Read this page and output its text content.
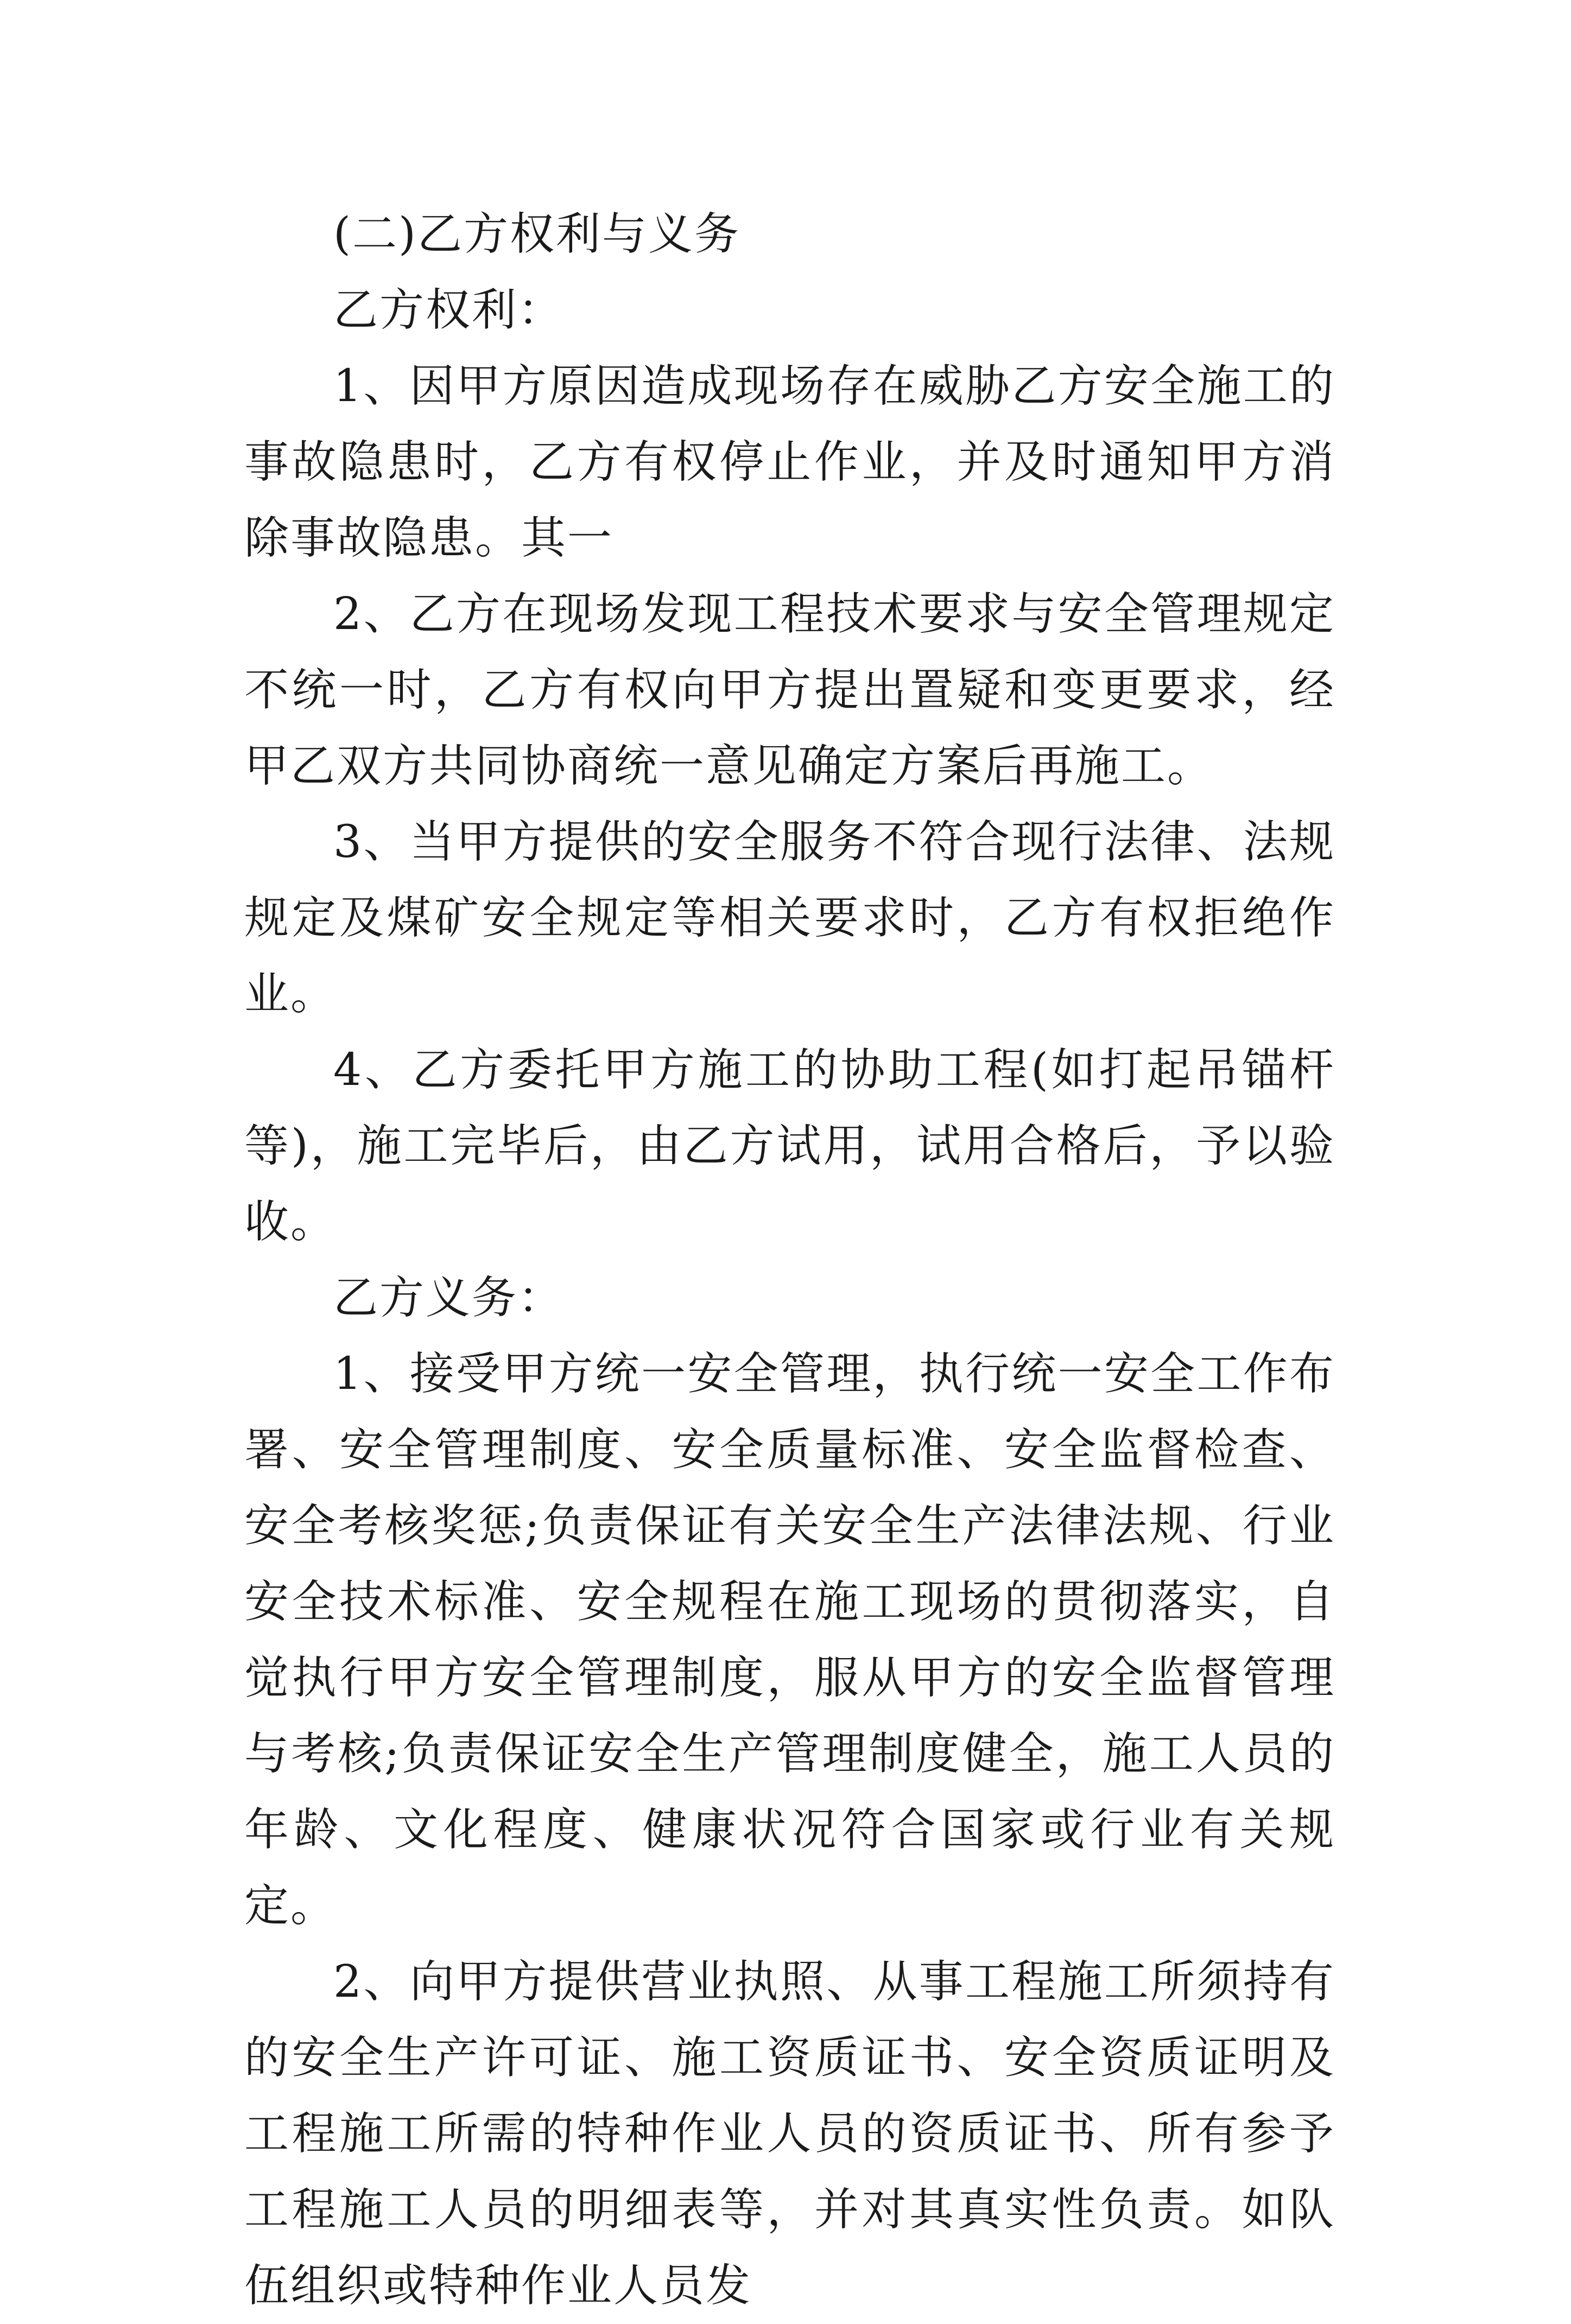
(二)乙方权利与义务

乙方权利：

1、因甲方原因造成现场存在威胁乙方安全施工的事故隐患时，乙方有权停止作业，并及时通知甲方消除事故隐患。其一

2、乙方在现场发现工程技术要求与安全管理规定不统一时，乙方有权向甲方提出置疑和变更要求，经甲乙双方共同协商统一意见确定方案后再施工。

3、当甲方提供的安全服务不符合现行法律、法规规定及煤矿安全规定等相关要求时，乙方有权拒绝作业。

4、乙方委托甲方施工的协助工程(如打起吊锚杆等)，施工完毕后，由乙方试用，试用合格后，予以验收。

乙方义务：

1、接受甲方统一安全管理，执行统一安全工作布署、安全管理制度、安全质量标准、安全监督检查、安全考核奖惩;负责保证有关安全生产法律法规、行业安全技术标准、安全规程在施工现场的贯彻落实，自觉执行甲方安全管理制度，服从甲方的安全监督管理与考核;负责保证安全生产管理制度健全，施工人员的年龄、文化程度、健康状况符合国家或行业有关规定。

2、向甲方提供营业执照、从事工程施工所须持有的安全生产许可证、施工资质证书、安全资质证明及工程施工所需的特种作业人员的资质证书、所有参予工程施工人员的明细表等，并对其真实性负责。如队伍组织或特种作业人员发
